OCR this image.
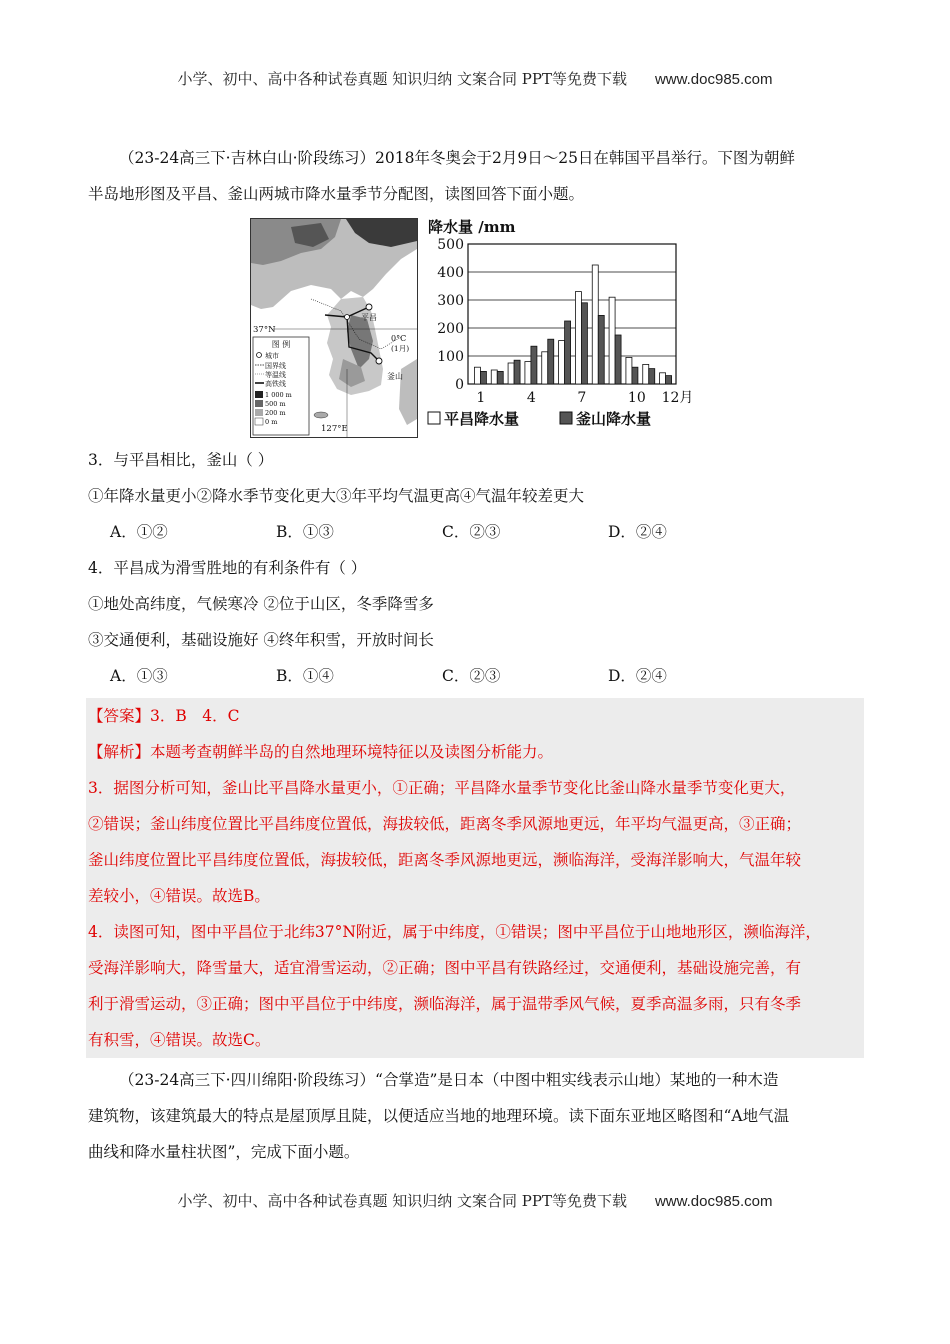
小学、初中、高中各种试卷真题 知识归纳 文案合同 PPT等免费下载 www.doc985.com

（23-24高三下·吉林白山·阶段练习）2018年冬奥会于2月9日～25日在韩国平昌举行。下图为朝鲜

半岛地形图及平昌、釜山两城市降水量季节分配图，读图回答下面小题。

图 例
城市
国界线
等温线
高铁线
1 000 m
500 m
200 m
0 m
平昌
釜山
0°C
(1月)
37°N
127°E
降水量 /mm
0
100
200
300
400
500
1	4	7	10 12月
平昌降水量	釜山降水量

3．与平昌相比，釜山（ ）

①年降水量更小②降水季节变化更大③年平均气温更高④气温年较差更大

A．①②	B．①③	C．②③	D．②④

4．平昌成为滑雪胜地的有利条件有（ ）

①地处高纬度，气候寒冷 ②位于山区，冬季降雪多

③交通便利，基础设施好 ④终年积雪，开放时间长

A．①③	B．①④	C．②③	D．②④

【答案】3．B　4．C

【解析】本题考查朝鲜半岛的自然地理环境特征以及读图分析能力。

3．据图分析可知，釜山比平昌降水量更小，①正确；平昌降水量季节变化比釜山降水量季节变化更大，

②错误；釜山纬度位置比平昌纬度位置低，海拔较低，距离冬季风源地更远，年平均气温更高，③正确；

釜山纬度位置比平昌纬度位置低，海拔较低，距离冬季风源地更远，濒临海洋，受海洋影响大，气温年较

差较小，④错误。故选B。

4．读图可知，图中平昌位于北纬37°N附近，属于中纬度，①错误；图中平昌位于山地地形区，濒临海洋，

受海洋影响大，降雪量大，适宜滑雪运动，②正确；图中平昌有铁路经过，交通便利，基础设施完善，有

利于滑雪运动，③正确；图中平昌位于中纬度，濒临海洋，属于温带季风气候，夏季高温多雨，只有冬季

有积雪，④错误。故选C。

（23-24高三下·四川绵阳·阶段练习）“合掌造”是日本（中图中粗实线表示山地）某地的一种木造

建筑物，该建筑最大的特点是屋顶厚且陡，以便适应当地的地理环境。读下面东亚地区略图和“A地气温

曲线和降水量柱状图”，完成下面小题。

小学、初中、高中各种试卷真题 知识归纳 文案合同 PPT等免费下载 www.doc985.com
